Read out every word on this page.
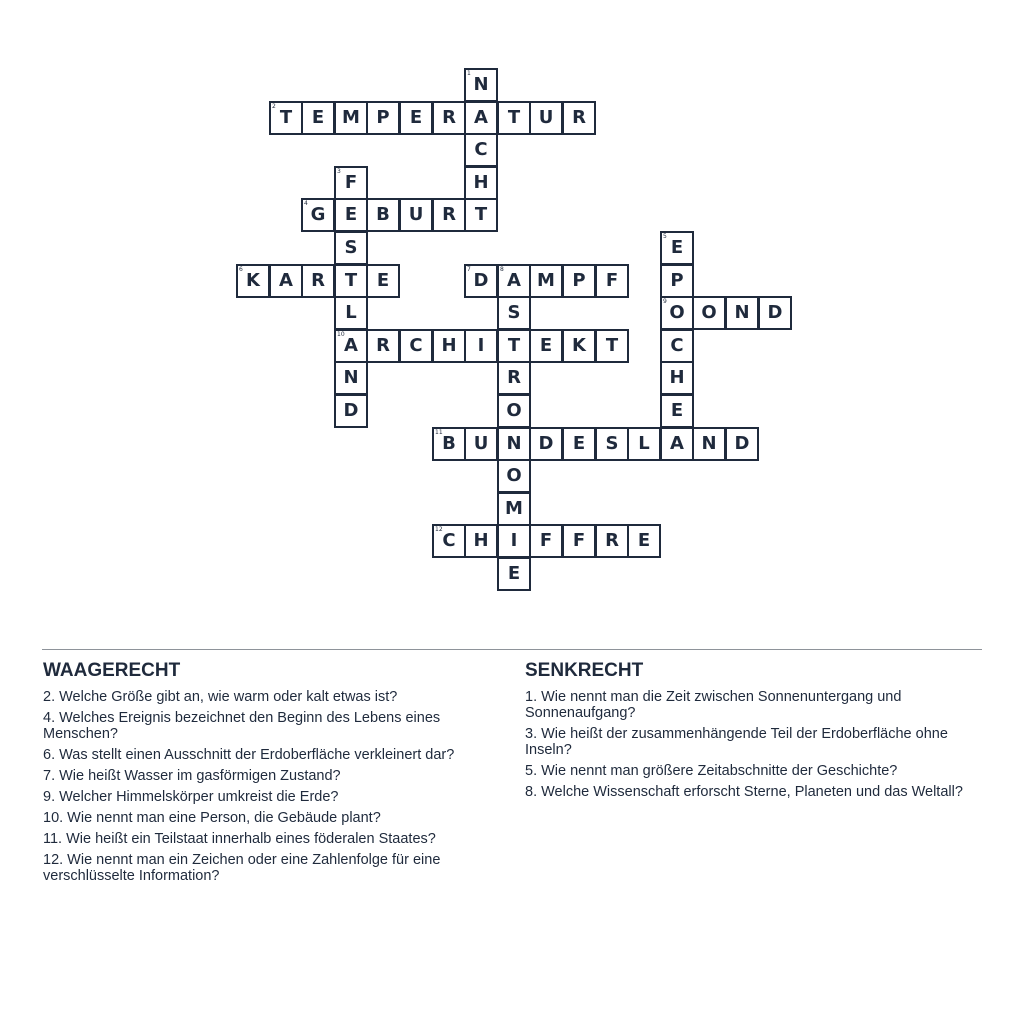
1
N
A
C
H
T
2
T	E M P	E	R	T	U	R
3
F
E
S
T
L
10
A
N
D
4
G	B	U	R
5
E
P
9
O
C
H
E
6
K	A	R	E
7
D
8
A M P	F
S
T
R
O
N
O
M
I
E
O N D
R	C	H	I	E	K	T
11
B U	D	E	S	L	A N D
12
C H	F	F	R	E
WAAGERECHT
2. Welche Größe gibt an, wie warm oder kalt etwas ist?
4. Welches Ereignis bezeichnet den Beginn des Lebens eines Menschen?
6. Was stellt einen Ausschnitt der Erdoberfläche verkleinert dar?
7. Wie heißt Wasser im gasförmigen Zustand?
9. Welcher Himmelskörper umkreist die Erde?
10. Wie nennt man eine Person, die Gebäude plant?
11. Wie heißt ein Teilstaat innerhalb eines föderalen Staates?
12. Wie nennt man ein Zeichen oder eine Zahlenfolge für eine verschlüsselte Information?
SENKRECHT
1. Wie nennt man die Zeit zwischen Sonnenuntergang und Sonnenaufgang?
3. Wie heißt der zusammenhängende Teil der Erdoberfläche ohne Inseln?
5. Wie nennt man größere Zeitabschnitte der Geschichte?
8. Welche Wissenschaft erforscht Sterne, Planeten und das Weltall?
